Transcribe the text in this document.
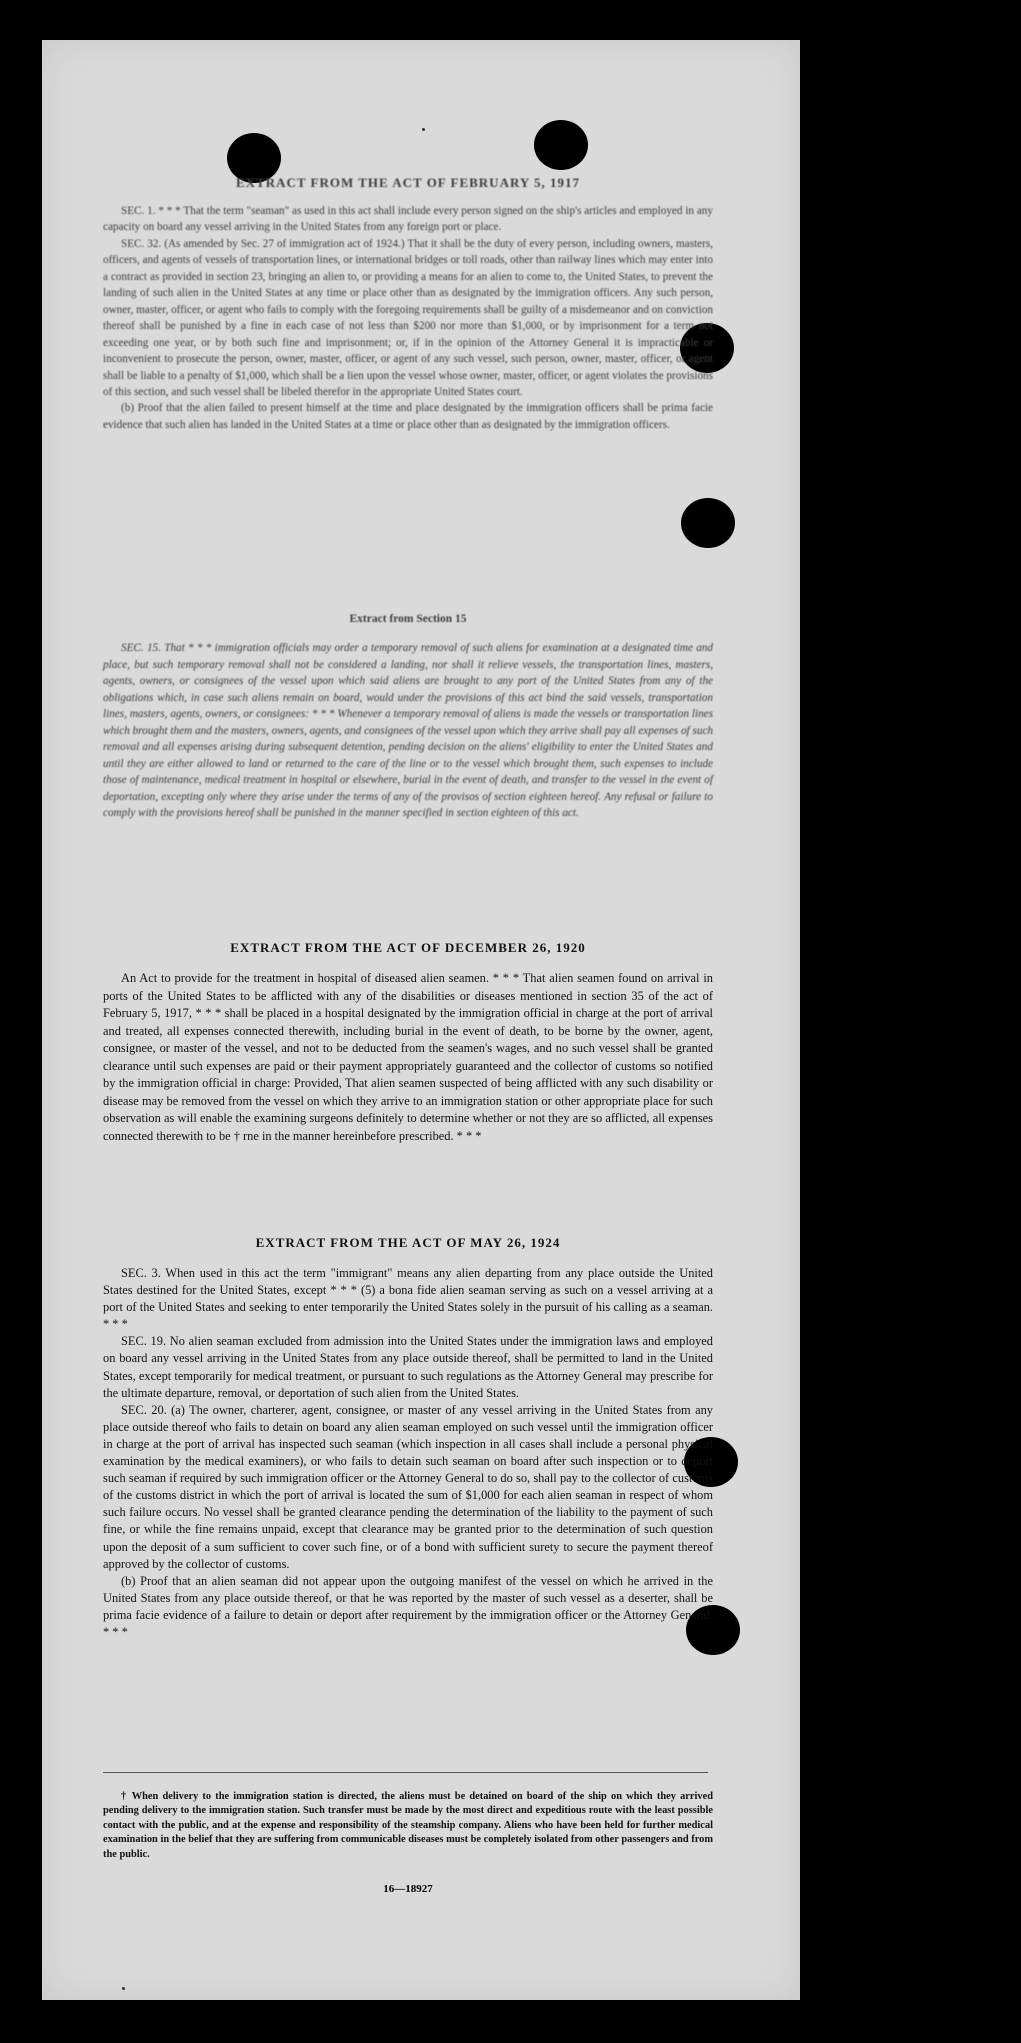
EXTRACT FROM THE ACT OF FEBRUARY 5, 1917

SEC. 1. * * * That the term "seaman" as used in this act shall include every person signed on the ship's articles and employed in any capacity on board any vessel arriving in the United States from any foreign port or place.

SEC. 32. (As amended by Sec. 27 of immigration act of 1924.) That it shall be the duty of every person, including owners, masters, officers, and agents of vessels of transportation lines, or international bridges or toll roads, other than railway lines which may enter into a contract as provided in section 23, bringing an alien to, or providing a means for an alien to come to, the United States, to prevent the landing of such alien in the United States at any time or place other than as designated by the immigration officers. Any such person, owner, master, officer, or agent who fails to comply with the foregoing requirements shall be guilty of a misdemeanor and on conviction thereof shall be punished by a fine in each case of not less than $200 nor more than $1,000, or by imprisonment for a term not exceeding one year, or by both such fine and imprisonment; or, if in the opinion of the Attorney General it is impracticable or inconvenient to prosecute the person, owner, master, officer, or agent of any such vessel, such person, owner, master, officer, or agent shall be liable to a penalty of $1,000, which shall be a lien upon the vessel whose owner, master, officer, or agent violates the provisions of this section, and such vessel shall be libeled therefor in the appropriate United States court.

(b) Proof that the alien failed to present himself at the time and place designated by the immigration officers shall be prima facie evidence that such alien has landed in the United States at a time or place other than as designated by the immigration officers.

Extract from Section 15

SEC. 15. That * * * immigration officials may order a temporary removal of such aliens for examination at a designated time and place, but such temporary removal shall not be considered a landing, nor shall it relieve vessels, the transportation lines, masters, agents, owners, or consignees of the vessel upon which said aliens are brought to any port of the United States from any of the obligations which, in case such aliens remain on board, would under the provisions of this act bind the said vessels, transportation lines, masters, agents, owners, or consignees: * * * Whenever a temporary removal of aliens is made the vessels or transportation lines which brought them and the masters, owners, agents, and consignees of the vessel upon which they arrive shall pay all expenses of such removal and all expenses arising during subsequent detention, pending decision on the aliens' eligibility to enter the United States and until they are either allowed to land or returned to the care of the line or to the vessel which brought them, such expenses to include those of maintenance, medical treatment in hospital or elsewhere, burial in the event of death, and transfer to the vessel in the event of deportation, excepting only where they arise under the terms of any of the provisos of section eighteen hereof. Any refusal or failure to comply with the provisions hereof shall be punished in the manner specified in section eighteen of this act.

EXTRACT FROM THE ACT OF DECEMBER 26, 1920

An Act to provide for the treatment in hospital of diseased alien seamen. * * * That alien seamen found on arrival in ports of the United States to be afflicted with any of the disabilities or diseases mentioned in section 35 of the act of February 5, 1917, * * * shall be placed in a hospital designated by the immigration official in charge at the port of arrival and treated, all expenses connected therewith, including burial in the event of death, to be borne by the owner, agent, consignee, or master of the vessel, and not to be deducted from the seamen's wages, and no such vessel shall be granted clearance until such expenses are paid or their payment appropriately guaranteed and the collector of customs so notified by the immigration official in charge: Provided, That alien seamen suspected of being afflicted with any such disability or disease may be removed from the vessel on which they arrive to an immigration station or other appropriate place for such observation as will enable the examining surgeons definitely to determine whether or not they are so afflicted, all expenses connected therewith to be † rne in the manner hereinbefore prescribed. * * *

EXTRACT FROM THE ACT OF MAY 26, 1924

SEC. 3. When used in this act the term "immigrant" means any alien departing from any place outside the United States destined for the United States, except * * * (5) a bona fide alien seaman serving as such on a vessel arriving at a port of the United States and seeking to enter temporarily the United States solely in the pursuit of his calling as a seaman. * * *

SEC. 19. No alien seaman excluded from admission into the United States under the immigration laws and employed on board any vessel arriving in the United States from any place outside thereof, shall be permitted to land in the United States, except temporarily for medical treatment, or pursuant to such regulations as the Attorney General may prescribe for the ultimate departure, removal, or deportation of such alien from the United States.

SEC. 20. (a) The owner, charterer, agent, consignee, or master of any vessel arriving in the United States from any place outside thereof who fails to detain on board any alien seaman employed on such vessel until the immigration officer in charge at the port of arrival has inspected such seaman (which inspection in all cases shall include a personal physical examination by the medical examiners), or who fails to detain such seaman on board after such inspection or to deport such seaman if required by such immigration officer or the Attorney General to do so, shall pay to the collector of customs of the customs district in which the port of arrival is located the sum of $1,000 for each alien seaman in respect of whom such failure occurs. No vessel shall be granted clearance pending the determination of the liability to the payment of such fine, or while the fine remains unpaid, except that clearance may be granted prior to the determination of such question upon the deposit of a sum sufficient to cover such fine, or of a bond with sufficient surety to secure the payment thereof approved by the collector of customs.

(b) Proof that an alien seaman did not appear upon the outgoing manifest of the vessel on which he arrived in the United States from any place outside thereof, or that he was reported by the master of such vessel as a deserter, shall be prima facie evidence of a failure to detain or deport after requirement by the immigration officer or the Attorney General. * * *

† When delivery to the immigration station is directed, the aliens must be detained on board of the ship on which they arrived pending delivery to the immigration station. Such transfer must be made by the most direct and expeditious route with the least possible contact with the public, and at the expense and responsibility of the steamship company. Aliens who have been held for further medical examination in the belief that they are suffering from communicable diseases must be completely isolated from other passengers and from the public.

16—18927
